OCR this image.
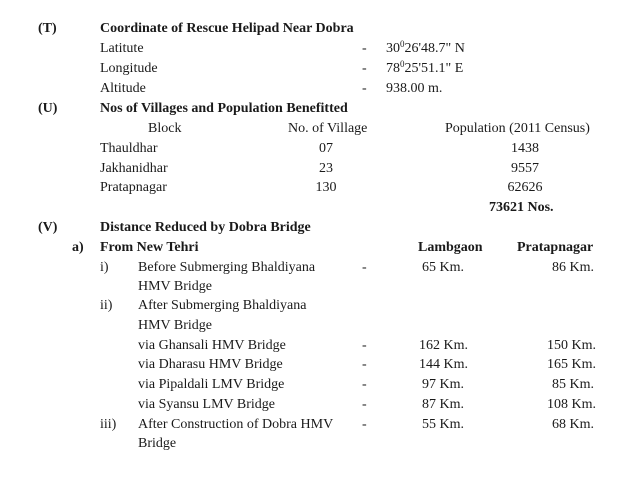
(T)	Coordinate of Rescue Helipad Near Dobra
Latitute	- $30^026'48.7$" N
Longitude	- $78^025'51.1$" E
Altitude	- 938.00 m.
(U)	Nos of Villages and Population Benefitted
Block	No. of Village	Population (2011 Census)
Thauldhar	07	1438
Jakhanidhar	23	9557
Pratapnagar	130	62626
73621 Nos.
(V)	Distance Reduced by Dobra Bridge
a) From New Tehri	Lambgaon Pratapnagar
i) Before Submerging Bhaldiyana
HMV Bridge
-	65 Km.	86 Km.
ii) After Submerging Bhaldiyana
HMV Bridge
via Ghansali HMV Bridge	-	162 Km.	150 Km.
via Dharasu HMV Bridge	-	144 Km.	165 Km.
via Pipaldali LMV Bridge	-	97 Km.	85 Km.
via Syansu LMV Bridge	-	87 Km.	108 Km.
iii) After Construction of Dobra HMV
Bridge
-	55 Km.	68 Km.
